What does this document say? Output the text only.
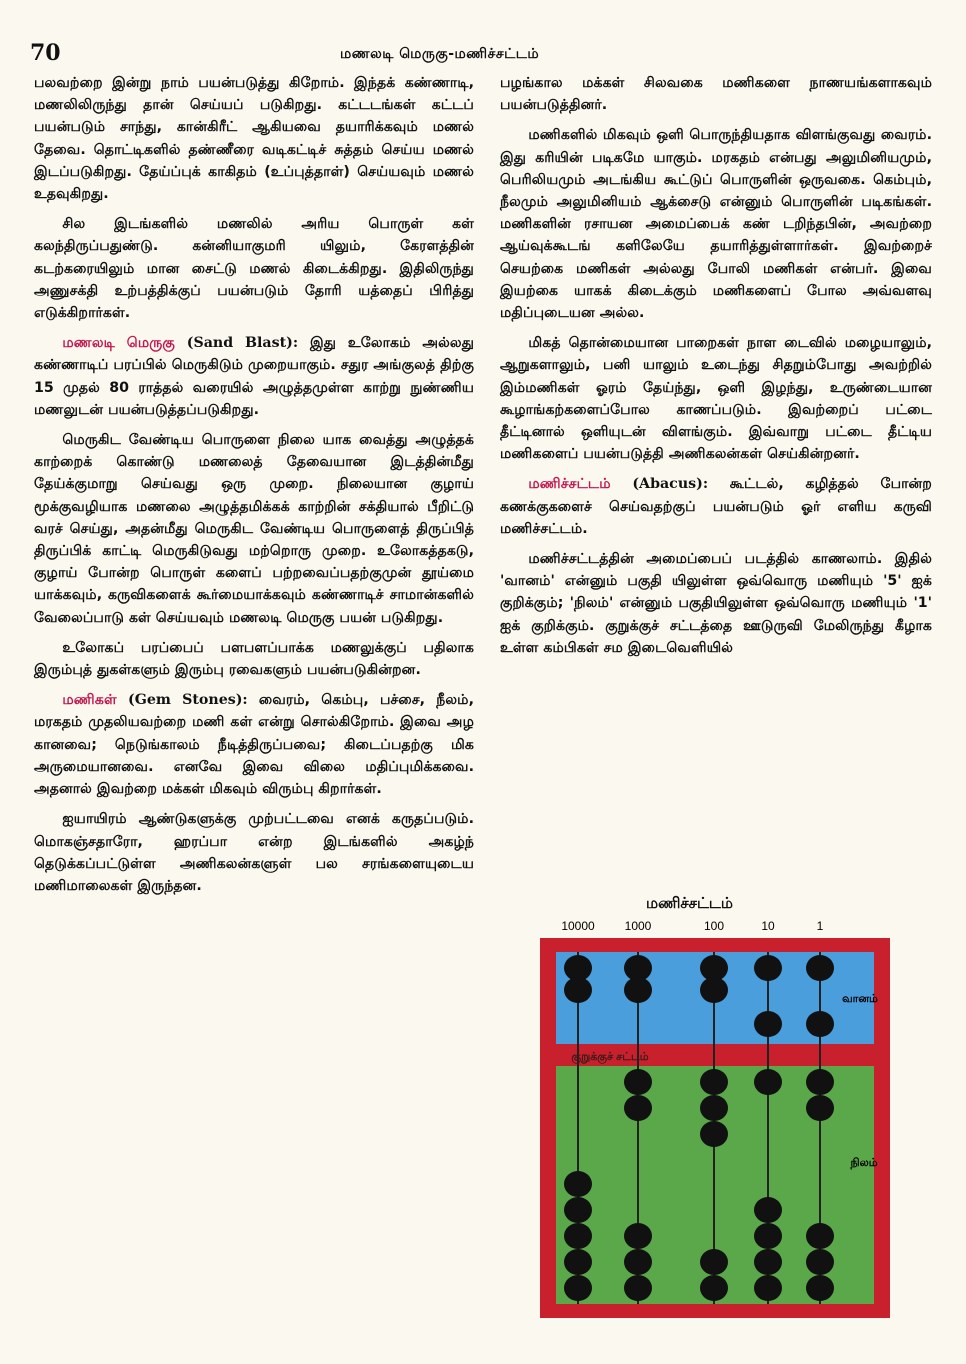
70	மணலடி மெருகு-மணிச்சட்டம்

பலவற்றை இன்று நாம் பயன்படுத்து கிறோம். இந்தக் கண்ணாடி, மணலிலிருந்து தான் செய்யப் படுகிறது. கட்டடங்கள் கட்டப் பயன்படும் சாந்து, கான்கிரீட் ஆகியவை தயாரிக்கவும் மணல் தேவை. தொட்டிகளில் தண்ணீரை வடிகட்டிச் சுத்தம் செய்ய மணல் இடப்படுகிறது. தேய்ப்புக் காகிதம் (உப்புத்தாள்) செய்யவும் மணல் உதவுகிறது.

சில இடங்களில் மணலில் அரிய பொருள் கள் கலந்திருப்பதுண்டு. கன்னியாகுமரி யிலும், கேரளத்தின் கடற்கரையிலும் மான சைட்டு மணல் கிடைக்கிறது. இதிலிருந்து அணுசக்தி உற்பத்திக்குப் பயன்படும் தோரி யத்தைப் பிரித்து எடுக்கிறார்கள்.

மணலடி மெருகு (Sand Blast): இது உலோகம் அல்லது கண்ணாடிப் பரப்பில் மெருகிடும் முறையாகும். சதுர அங்குலத் திற்கு 15 முதல் 80 ராத்தல் வரையில் அழுத்தமுள்ள காற்று நுண்ணிய மணலுடன் பயன்படுத்தப்படுகிறது.

மெருகிட வேண்டிய பொருளை நிலை யாக வைத்து அழுத்தக் காற்றைக் கொண்டு மணலைத் தேவையான இடத்தின்மீது தேய்க்குமாறு செய்வது ஒரு முறை. நிலையான குழாய் மூக்குவழியாக மணலை அழுத்தமிக்கக் காற்றின் சக்தியால் பீறிட்டு வரச் செய்து, அதன்மீது மெருகிட வேண்டிய பொருளைத் திருப்பித் திருப்பிக் காட்டி மெருகிடுவது மற்றொரு முறை. உலோகத்தகடு, குழாய் போன்ற பொருள் களைப் பற்றவைப்பதற்குமுன் தூய்மை யாக்கவும், கருவிகளைக் கூர்மையாக்கவும் கண்ணாடிச் சாமான்களில் வேலைப்பாடு கள் செய்யவும் மணலடி மெருகு பயன் படுகிறது.

உலோகப் பரப்பைப் பளபளப்பாக்க மணலுக்குப் பதிலாக இரும்புத் துகள்களும் இரும்பு ரவைகளும் பயன்படுகின்றன.

மணிகள் (Gem Stones): வைரம், கெம்பு, பச்சை, நீலம், மரகதம் முதலியவற்றை மணி கள் என்று சொல்கிறோம். இவை அழ கானவை; நெடுங்காலம் நீடித்திருப்பவை; கிடைப்பதற்கு மிக அருமையானவை. எனவே இவை விலை மதிப்புமிக்கவை. அதனால் இவற்றை மக்கள் மிகவும் விரும்பு கிறார்கள்.

ஐயாயிரம் ஆண்டுகளுக்கு முற்பட்டவை எனக் கருதப்படும். மொகஞ்சதாரோ, ஹரப்பா என்ற இடங்களில் அகழ்ந் தெடுக்கப்பட்டுள்ள அணிகலன்களுள் பல சரங்களையுடைய மணிமாலைகள் இருந்தன.

பழங்கால மக்கள் சிலவகை மணிகளை நாணயங்களாகவும் பயன்படுத்தினர்.

மணிகளில் மிகவும் ஒளி பொருந்தியதாக விளங்குவது வைரம். இது கரியின் படிகமே யாகும். மரகதம் என்பது அலுமினியமும், பெரிலியமும் அடங்கிய கூட்டுப் பொருளின் ஒருவகை. கெம்பும், நீலமும் அலுமினியம் ஆக்சைடு என்னும் பொருளின் படிகங்கள். மணிகளின் ரசாயன அமைப்பைக் கண் டறிந்தபின், அவற்றை ஆய்வுக்கூடங் களிலேயே தயாரித்துள்ளார்கள். இவற்றைச் செயற்கை மணிகள் அல்லது போலி மணிகள் என்பர். இவை இயற்கை யாகக் கிடைக்கும் மணிகளைப் போல அவ்வளவு மதிப்புடையன அல்ல.

மிகத் தொன்மையான பாறைகள் நாள டைவில் மழையாலும், ஆறுகளாலும், பனி யாலும் உடைந்து சிதறும்போது அவற்றில் இம்மணிகள் ஓரம் தேய்ந்து, ஒளி இழந்து, உருண்டையான கூழாங்கற்களைப்போல காணப்படும். இவற்றைப் பட்டை தீட்டினால் ஒளியுடன் விளங்கும். இவ்வாறு பட்டை தீட்டிய மணிகளைப் பயன்படுத்தி அணிகலன்கள் செய்கின்றனர்.

மணிச்சட்டம் (Abacus): கூட்டல், கழித்தல் போன்ற கணக்குகளைச் செய்வதற்குப் பயன்படும் ஓர் எளிய கருவி மணிச்சட்டம்.

மணிச்சட்டத்தின் அமைப்பைப் படத்தில் காணலாம். இதில் 'வானம்' என்னும் பகுதி யிலுள்ள ஒவ்வொரு மணியும் '5' ஐக் குறிக்கும்; 'நிலம்' என்னும் பகுதியிலுள்ள ஒவ்வொரு மணியும் '1' ஐக் குறிக்கும். குறுக்குச் சட்டத்தை ஊடுருவி மேலிருந்து கீழாக உள்ள கம்பிகள் சம இடைவெளியில்

மணிச்சட்டம்
10000 1000	100	10	1
வானம்
குறுக்குச் சட்டம்
நிலம்
